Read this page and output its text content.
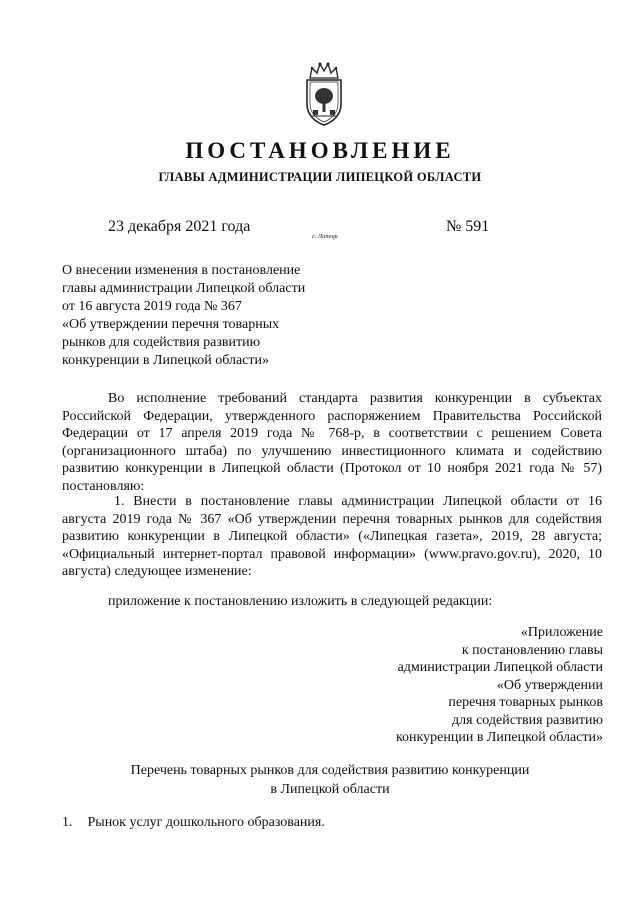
ПОСТАНОВЛЕНИЕ
ГЛАВЫ АДМИНИСТРАЦИИ ЛИПЕЦКОЙ ОБЛАСТИ
23 декабря 2021 года
г. Липецк
№ 591
О внесении изменения в постановление
главы администрации Липецкой области
от 16 августа 2019 года № 367
«Об утверждении перечня товарных
рынков для содействия развитию
конкуренции в Липецкой области»
Во исполнение требований стандарта развития конкуренции в субъектах Российской Федерации, утвержденного распоряжением Правительства Российской Федерации от 17 апреля 2019 года № 768-р, в соответствии с решением Совета (организационного штаба) по улучшению инвестиционного климата и содействию развитию конкуренции в Липецкой области (Протокол от 10 ноября 2021 года № 57) постановляю:
1. Внести в постановление главы администрации Липецкой области от 16 августа 2019 года № 367 «Об утверждении перечня товарных рынков для содействия развитию конкуренции в Липецкой области» («Липецкая газета», 2019, 28 августа; «Официальный интернет-портал правовой информации» (www.pravo.gov.ru), 2020, 10 августа) следующее изменение:
приложение к постановлению изложить в следующей редакции:
«Приложение
к постановлению главы
администрации Липецкой области
«Об утверждении
перечня товарных рынков
для содействия развитию
конкуренции в Липецкой области»
Перечень товарных рынков для содействия развитию конкуренции
в Липецкой области
1. Рынок услуг дошкольного образования.
